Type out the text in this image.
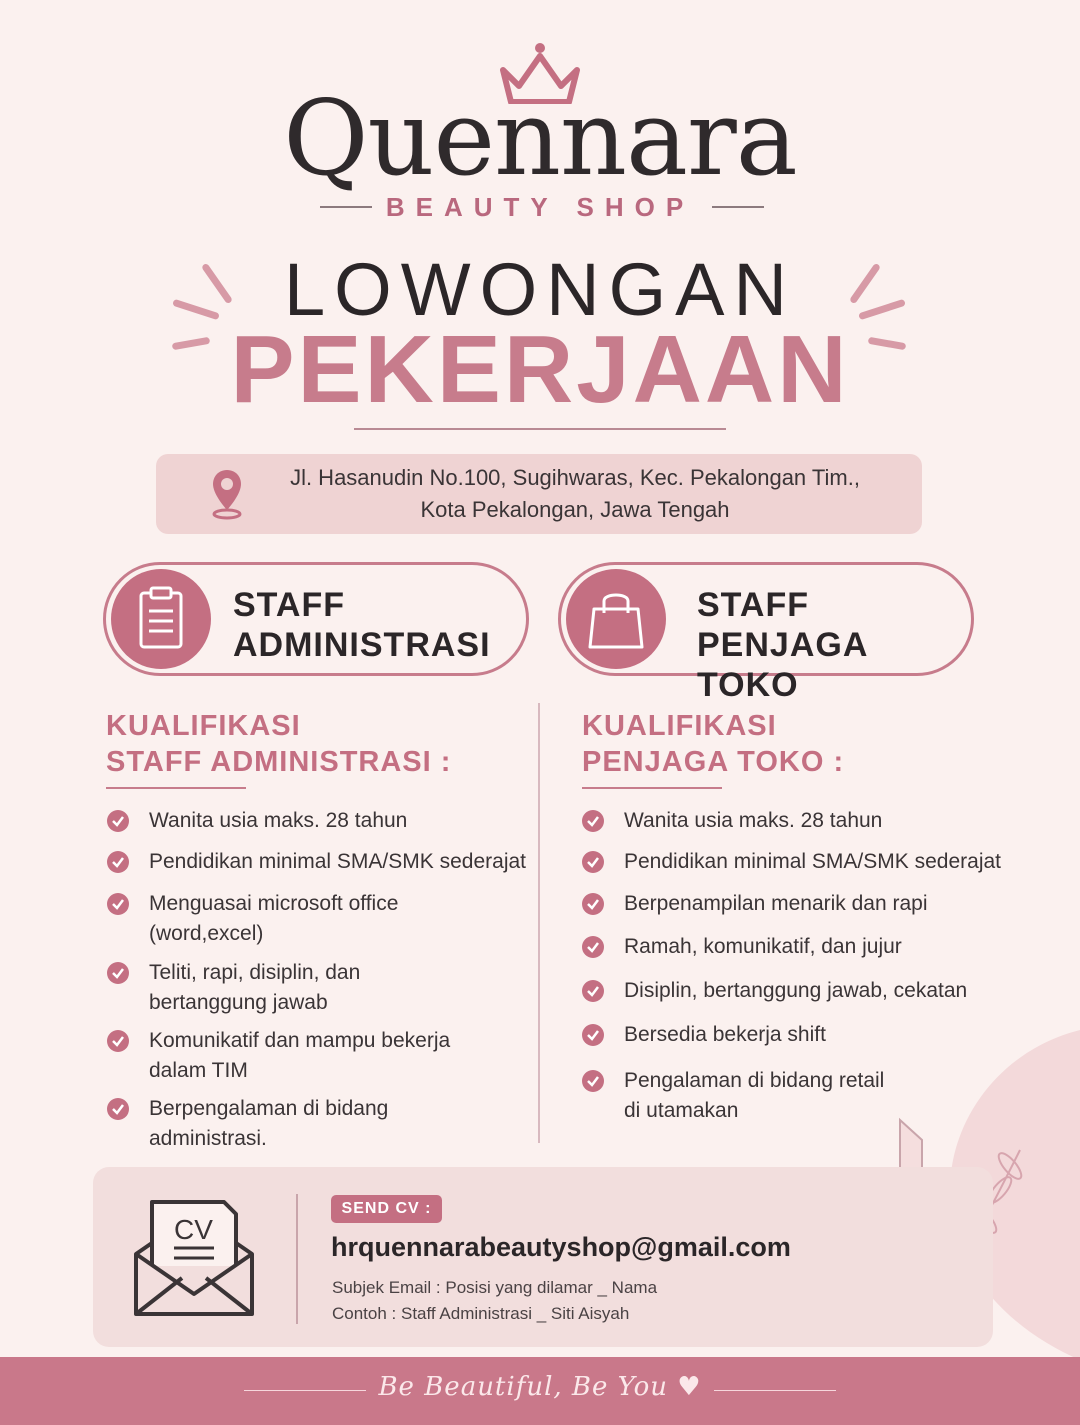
Quennara
BEAUTY SHOP
LOWONGAN
PEKERJAAN
Jl. Hasanudin No.100, Sugihwaras, Kec. Pekalongan Tim.,
Kota Pekalongan, Jawa Tengah
STAFF
ADMINISTRASI
STAFF
PENJAGA TOKO
KUALIFIKASI
STAFF ADMINISTRASI :
Wanita usia maks. 28 tahun
Pendidikan minimal SMA/SMK sederajat
Menguasai microsoft office
(word,excel)
Teliti, rapi, disiplin, dan
bertanggung jawab
Komunikatif dan mampu bekerja
dalam TIM
Berpengalaman di bidang
administrasi.
KUALIFIKASI
PENJAGA TOKO :
Wanita usia maks. 28 tahun
Pendidikan minimal SMA/SMK sederajat
Berpenampilan menarik dan rapi
Ramah, komunikatif, dan jujur
Disiplin, bertanggung jawab, cekatan
Bersedia bekerja shift
Pengalaman di bidang retail
di utamakan
CV
SEND CV :
hrquennarabeautyshop@gmail.com
Subjek Email : Posisi yang dilamar _ Nama
Contoh : Staff Administrasi _ Siti Aisyah
Be Beautiful, Be You ♥
